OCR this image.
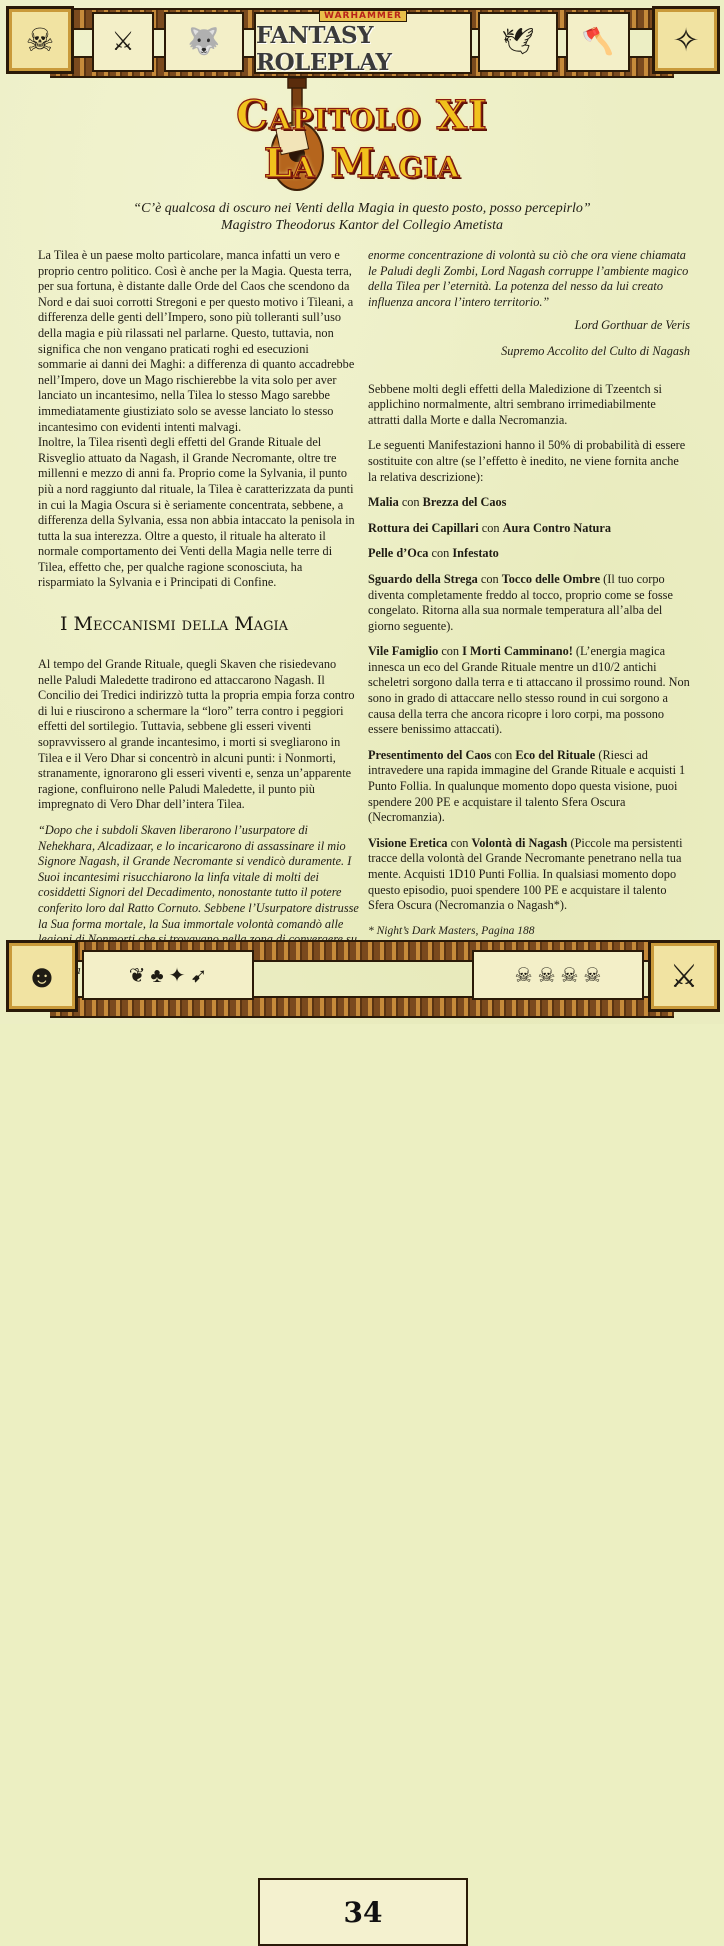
☠	⚔	🐺
WARHAMMER
FANTASY ROLEPLAY
🕊	🪓	✧
Capitolo XI
La Magia
“C’è qualcosa di oscuro nei Venti della Magia in questo posto, posso percepirlo”
Magistro Theodorus Kantor del Collegio Ametista

La Tilea è un paese molto particolare, manca infatti un vero e proprio centro politico. Così è anche per la Magia. Questa terra, per sua fortuna, è distante dalle Orde del Caos che scendono da Nord e dai suoi corrotti Stregoni e per questo motivo i Tileani, a differenza delle genti dell’Impero, sono più tolleranti sull’uso della magia e più rilassati nel parlarne. Questo, tuttavia, non significa che non vengano praticati roghi ed esecuzioni sommarie ai danni dei Maghi: a differenza di quanto accadrebbe nell’Impero, dove un Mago rischierebbe la vita solo per aver lanciato un incantesimo, nella Tilea lo stesso Mago sarebbe immediatamente giustiziato solo se avesse lanciato lo stesso incantesimo con evidenti intenti malvagi.

Inoltre, la Tilea risentì degli effetti del Grande Rituale del Risveglio attuato da Nagash, il Grande Necromante, oltre tre millenni e mezzo di anni fa. Proprio come la Sylvania, il punto più a nord raggiunto dal rituale, la Tilea è caratterizzata da punti in cui la Magia Oscura si è seriamente concentrata, sebbene, a differenza della Sylvania, essa non abbia intaccato la penisola in tutta la sua interezza. Oltre a questo, il rituale ha alterato il normale comportamento dei Venti della Magia nelle terre di Tilea, effetto che, per qualche ragione sconosciuta, ha risparmiato la Sylvania e i Principati di Confine.

I Meccanismi della Magia

Al tempo del Grande Rituale, quegli Skaven che risiedevano nelle Paludi Maledette tradirono ed attaccarono Nagash. Il Concilio dei Tredici indirizzò tutta la propria empia forza contro di lui e riuscirono a schermare la “loro” terra contro i peggiori effetti del sortilegio. Tuttavia, sebbene gli esseri viventi sopravvissero al grande incantesimo, i morti si svegliarono in Tilea e il Vero Dhar si concentrò in alcuni punti: i Nonmorti, stranamente, ignorarono gli esseri viventi e, senza un’apparente ragione, confluirono nelle Paludi Maledette, il punto più impregnato di Vero Dhar dell’intera Tilea.

“Dopo che i subdoli Skaven liberarono l’usurpatore di Nehekhara, Alcadizaar, e lo incaricarono di assassinare il mio Signore Nagash, il Grande Necromante si vendicò duramente. I Suoi incantesimi risucchiarono la linfa vitale di molti dei cosiddetti Signori del Decadimento, nonostante tutto il potere conferito loro dal Ratto Cornuto. Sebbene l’Usurpatore distrusse la Sua forma mortale, la Sua immortale volontà comandò alle

enorme concentrazione di volontà su ciò che ora viene chiamata le Paludi degli Zombi, Lord Nagash corruppe l’ambiente magico della Tilea per l’eternità. La potenza del nesso da lui creato influenza ancora l’intero territorio.”

Lord Gorthuar de Veris

Supremo Accolito del Culto di Nagash

Sebbene molti degli effetti della Maledizione di Tzeentch si applichino normalmente, altri sembrano irrimediabilmente attratti dalla Morte e dalla Necromanzia.

Le seguenti Manifestazioni hanno il 50% di probabilità di essere sostituite con altre (se l’effetto è inedito, ne viene fornita anche la relativa descrizione):

Malia con Brezza del Caos

Rottura dei Capillari con Aura Contro Natura

Pelle d’Oca con Infestato

Sguardo della Strega con Tocco delle Ombre (Il tuo corpo diventa completamente freddo al tocco, proprio come se fosse congelato. Ritorna alla sua normale temperatura all’alba del giorno seguente).

Vile Famiglio con I Morti Camminano! (L’energia magica innesca un eco del Grande Rituale mentre un d10/2 antichi scheletri sorgono dalla terra e ti attaccano il prossimo round. Non sono in grado di attaccare nello stesso round in cui sorgono a causa della terra che ancora ricopre i loro corpi, ma possono essere benissimo attaccati).

Presentimento del Caos con Eco del Rituale (Riesci ad intravedere una rapida immagine del Grande Rituale e acquisti 1 Punto Follia. In qualunque momento dopo questa visione, puoi spendere 200 PE e acquistare il talento Sfera Oscura (Necromanzia).

Visione Eretica con Volontà di Nagash (Piccole ma persistenti tracce della volontà del Grande Necromante penetrano nella tua mente. Acquisti 1D10 Punti Follia. In qualsiasi momento dopo questo episodio, puoi spendere 100 PE e acquistare il talento Sfera Oscura (Necromanzia o Nagash*).

* Night’s Dark Masters, Pagina 188
☻	❦ ♣ ✦ ➹
34
☠ ☠ ☠ ☠	⚔
